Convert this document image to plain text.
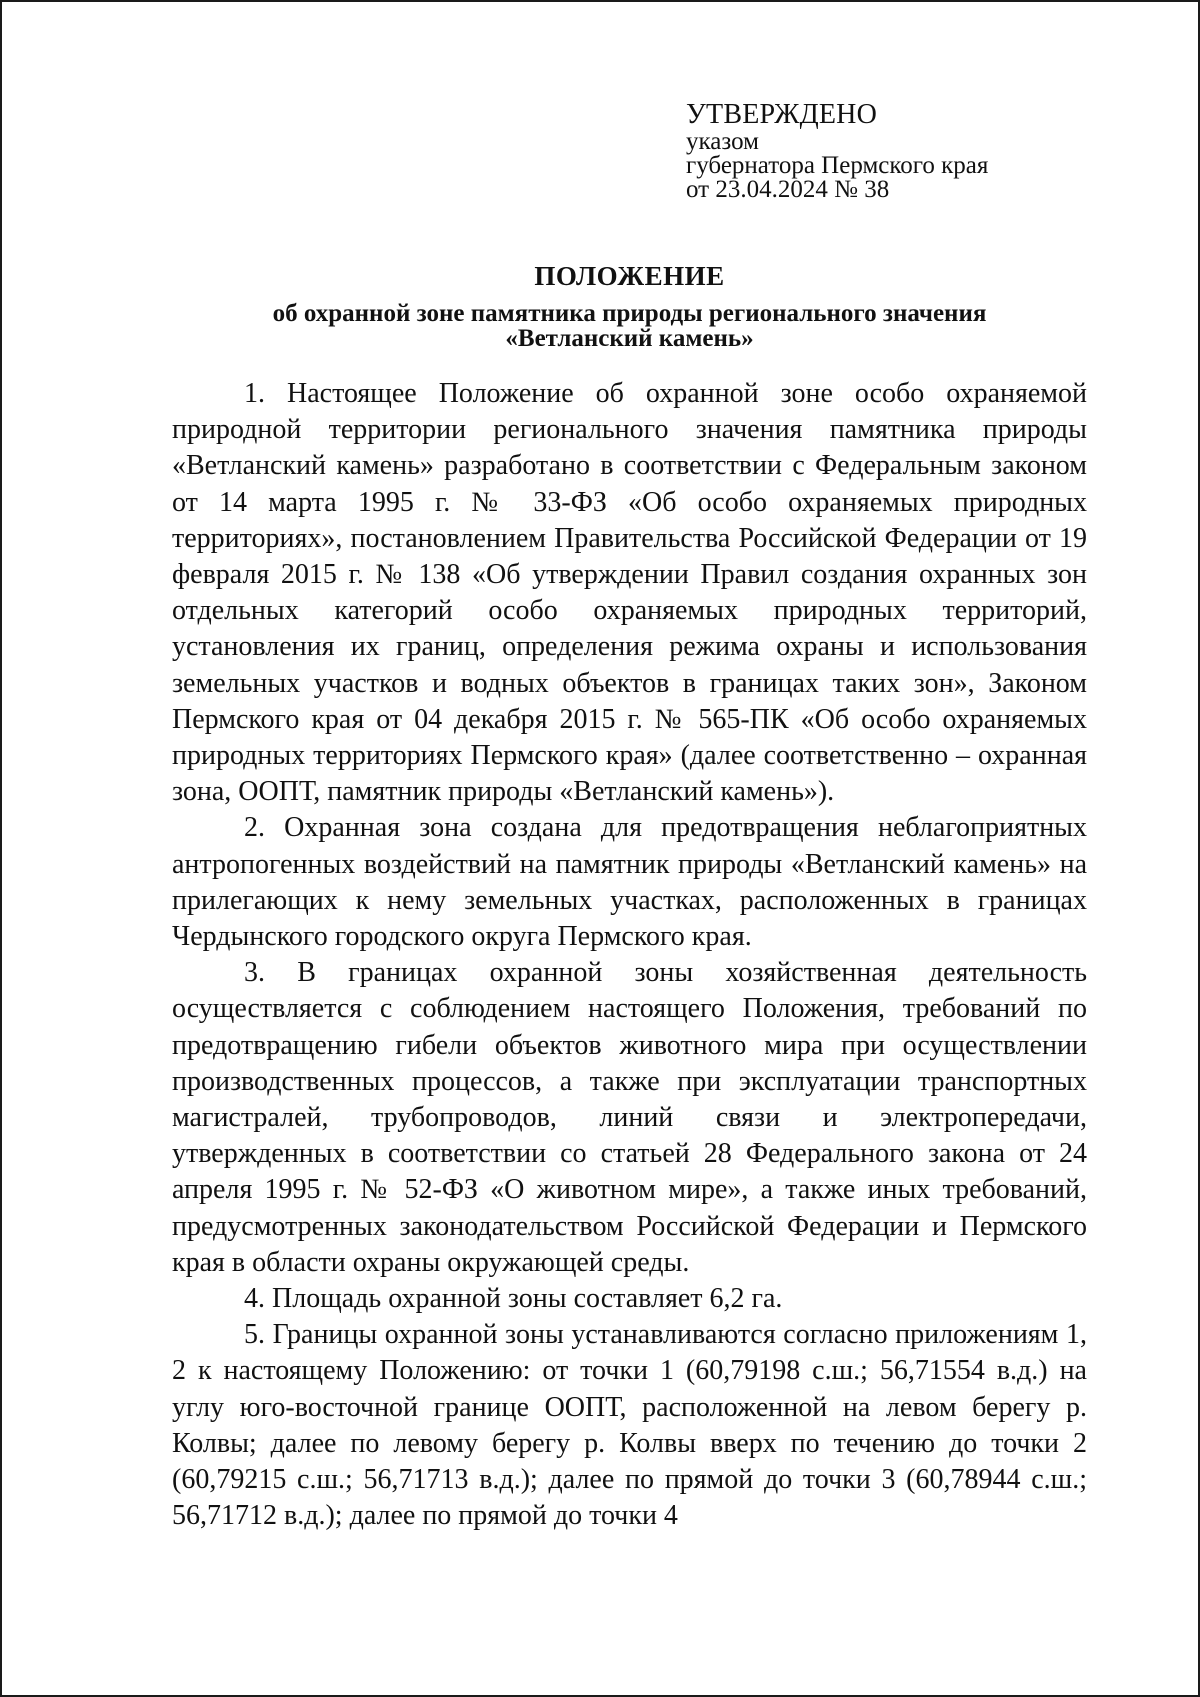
УТВЕРЖДЕНО
указом
губернатора Пермского края
от 23.04.2024 № 38
ПОЛОЖЕНИЕ
об охранной зоне памятника природы регионального значения
«Ветланский камень»

1. Настоящее Положение об охранной зоне особо охраняемой природной территории регионального значения памятника природы «Ветланский камень» разработано в соответствии с Федеральным законом от 14 марта 1995 г. № 33-ФЗ «Об особо охраняемых природных территориях», постановлением Правительства Российской Федерации от 19 февраля 2015 г. № 138 «Об утверждении Правил создания охранных зон отдельных категорий особо охраняемых природных территорий, установления их границ, определения режима охраны и использования земельных участков и водных объектов в границах таких зон», Законом Пермского края от 04 декабря 2015 г. № 565-ПК «Об особо охраняемых природных территориях Пермского края» (далее соответственно – охранная зона, ООПТ, памятник природы «Ветланский камень»).

2. Охранная зона создана для предотвращения неблагоприятных антропогенных воздействий на памятник природы «Ветланский камень» на прилегающих к нему земельных участках, расположенных в границах Чердынского городского округа Пермского края.

3. В границах охранной зоны хозяйственная деятельность осуществляется с соблюдением настоящего Положения, требований по предотвращению гибели объектов животного мира при осуществлении производственных процессов, а также при эксплуатации транспортных магистралей, трубопроводов, линий связи и электропередачи, утвержденных в соответствии со статьей 28 Федерального закона от 24 апреля 1995 г. № 52-ФЗ «О животном мире», а также иных требований, предусмотренных законодательством Российской Федерации и Пермского края в области охраны окружающей среды.

4. Площадь охранной зоны составляет 6,2 га.

5. Границы охранной зоны устанавливаются согласно приложениям 1, 2 к настоящему Положению: от точки 1 (60,79198 с.ш.; 56,71554 в.д.) на углу юго-восточной границе ООПТ, расположенной на левом берегу р. Колвы; далее по левому берегу р. Колвы вверх по течению до точки 2 (60,79215 с.ш.; 56,71713 в.д.); далее по прямой до точки 3 (60,78944 с.ш.; 56,71712 в.д.); далее по прямой до точки 4
